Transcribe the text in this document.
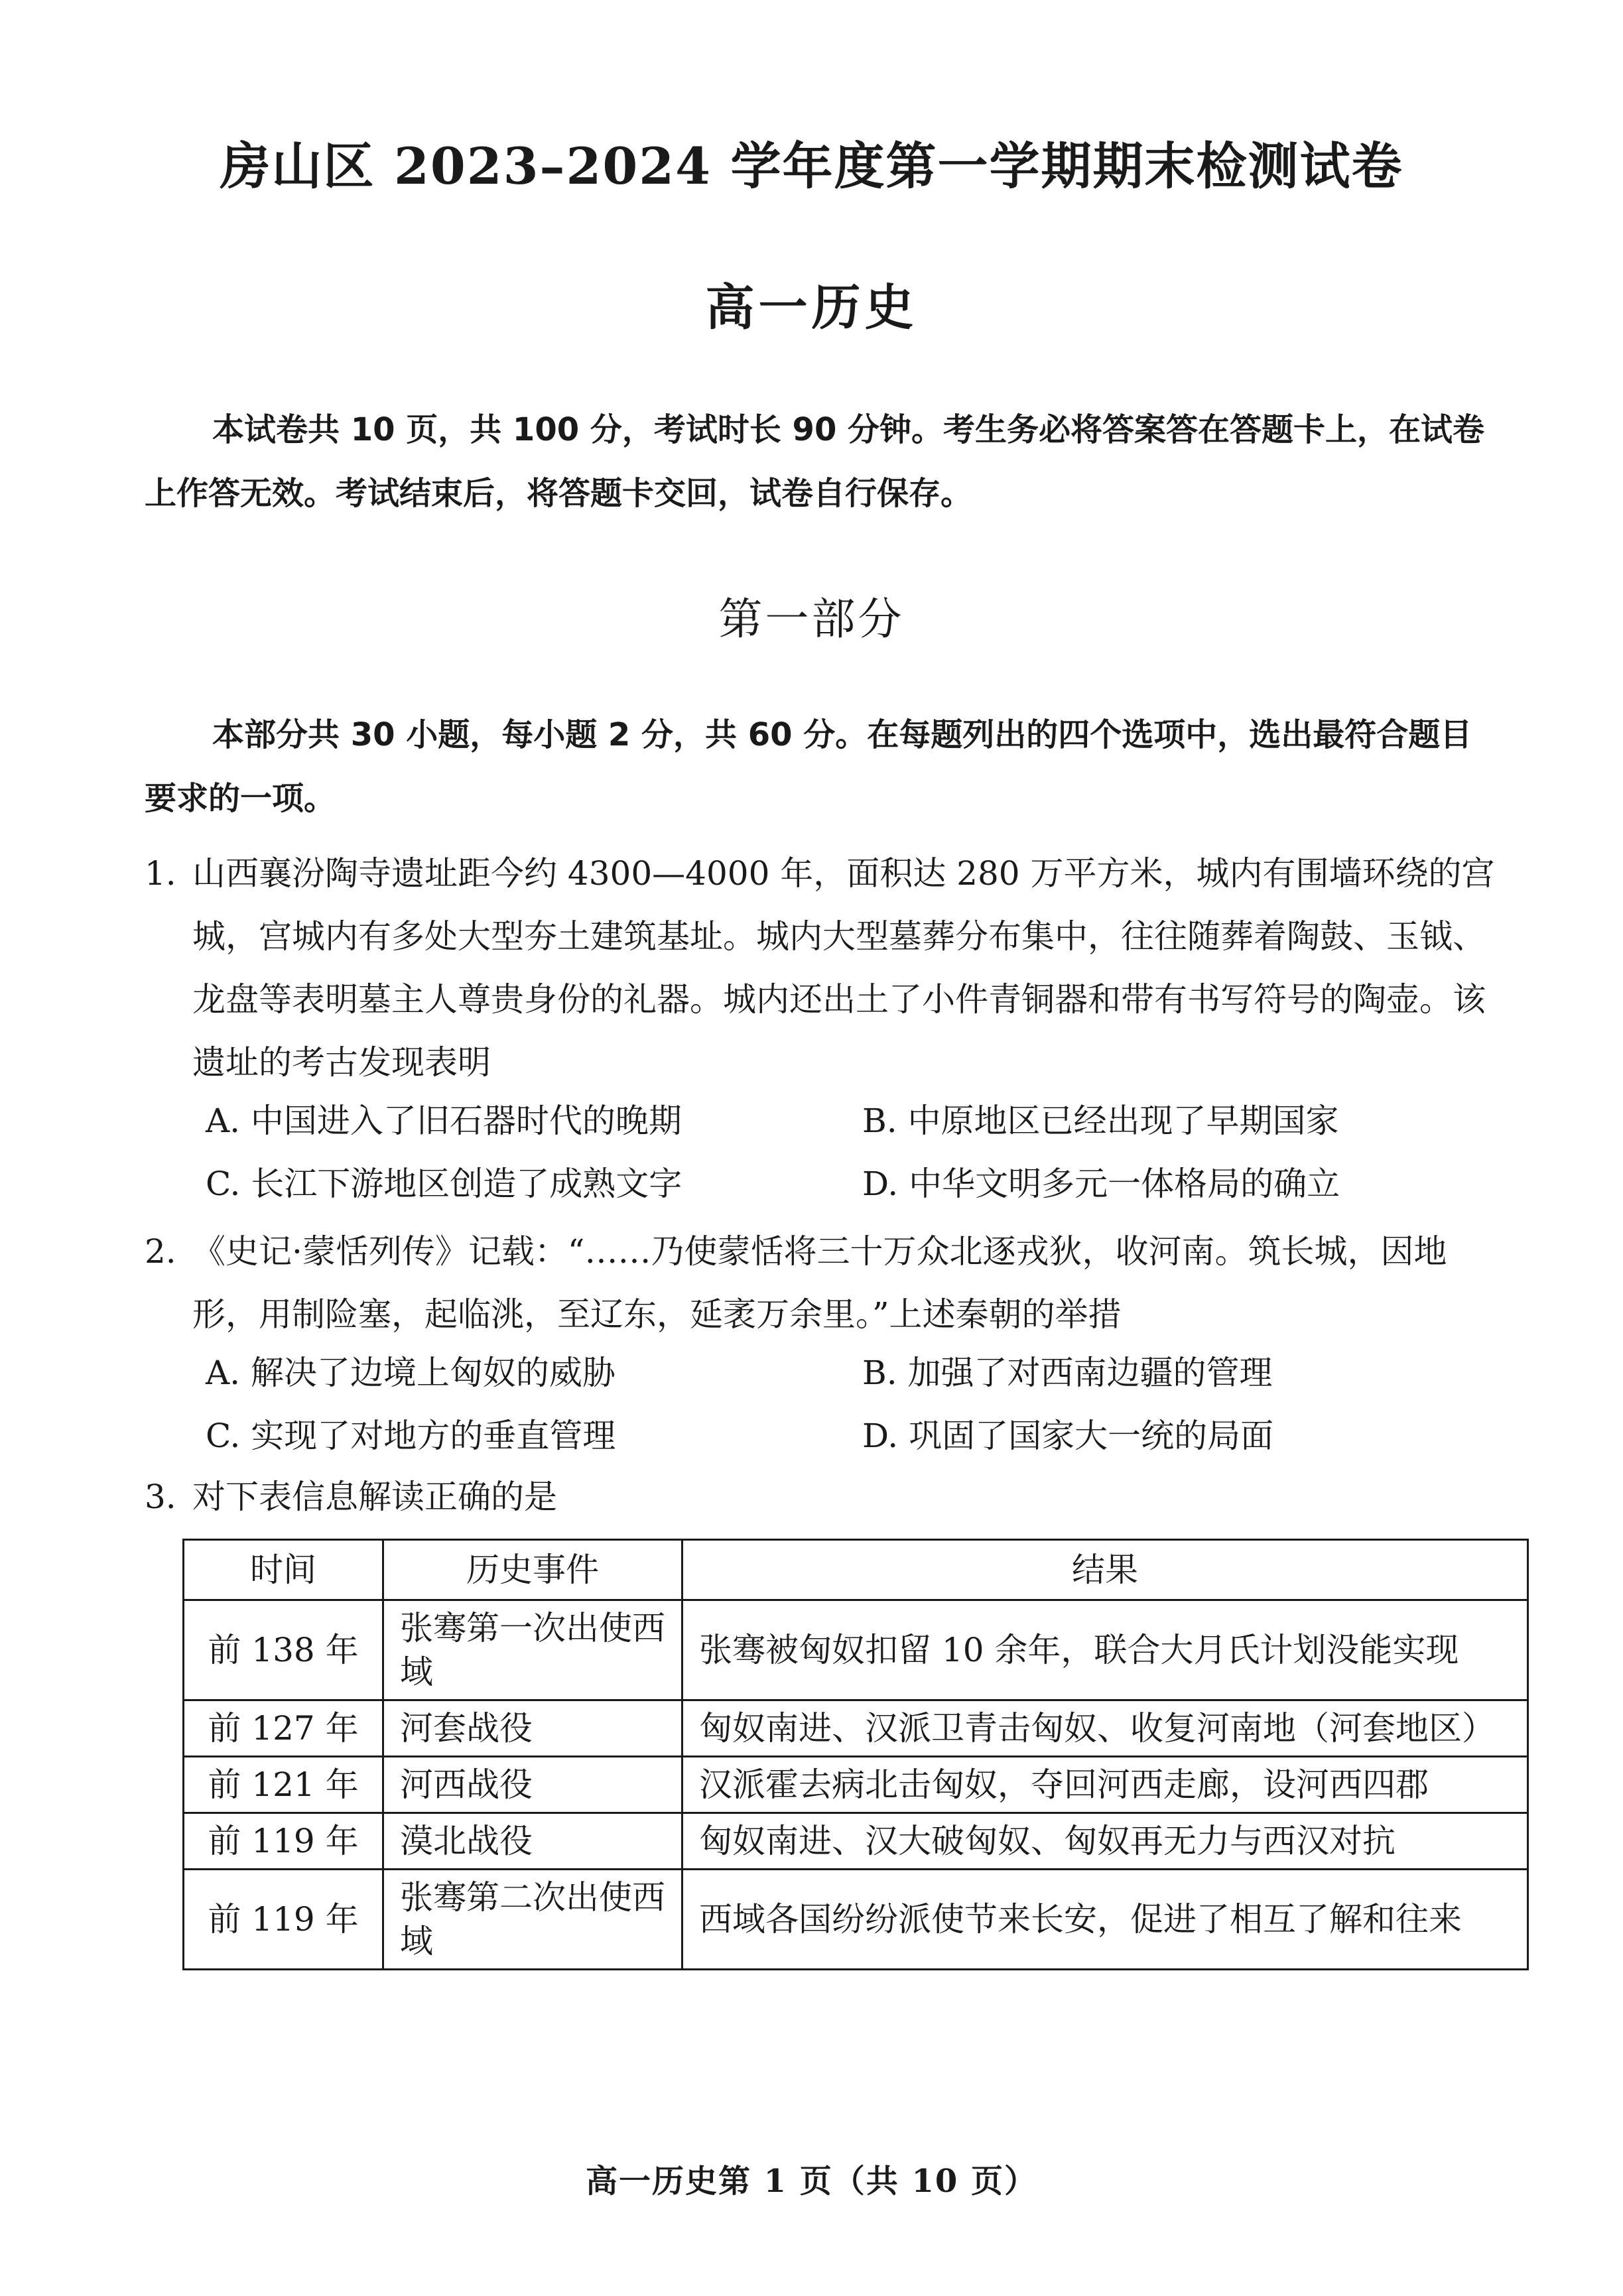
房山区 2023–2024 学年度第一学期期末检测试卷
高一历史
本试卷共 10 页，共 100 分，考试时长 90 分钟。考生务必将答案答在答题卡上，在试卷上作答无效。考试结束后，将答题卡交回，试卷自行保存。
第一部分
本部分共 30 小题，每小题 2 分，共 60 分。在每题列出的四个选项中，选出最符合题目要求的一项。
1. 山西襄汾陶寺遗址距今约 4300—4000 年，面积达 280 万平方米，城内有围墙环绕的宫城，宫城内有多处大型夯土建筑基址。城内大型墓葬分布集中，往往随葬着陶鼓、玉钺、龙盘等表明墓主人尊贵身份的礼器。城内还出土了小件青铜器和带有书写符号的陶壶。该遗址的考古发现表明
A. 中国进入了旧石器时代的晚期	B. 中原地区已经出现了早期国家
C. 长江下游地区创造了成熟文字	D. 中华文明多元一体格局的确立
2. 《史记·蒙恬列传》记载：“……乃使蒙恬将三十万众北逐戎狄，收河南。筑长城，因地形，用制险塞，起临洮，至辽东，延袤万余里。”上述秦朝的举措
A. 解决了边境上匈奴的威胁	B. 加强了对西南边疆的管理
C. 实现了对地方的垂直管理	D. 巩固了国家大一统的局面
3. 对下表信息解读正确的是
时间	历史事件	结果
前 138 年	张骞第一次出使西域	张骞被匈奴扣留 10 余年，联合大月氏计划没能实现
前 127 年	河套战役	匈奴南进、汉派卫青击匈奴、收复河南地（河套地区）
前 121 年	河西战役	汉派霍去病北击匈奴，夺回河西走廊，设河西四郡
前 119 年	漠北战役	匈奴南进、汉大破匈奴、匈奴再无力与西汉对抗
前 119 年	张骞第二次出使西域	西域各国纷纷派使节来长安，促进了相互了解和往来
高一历史第 1 页（共 10 页）
